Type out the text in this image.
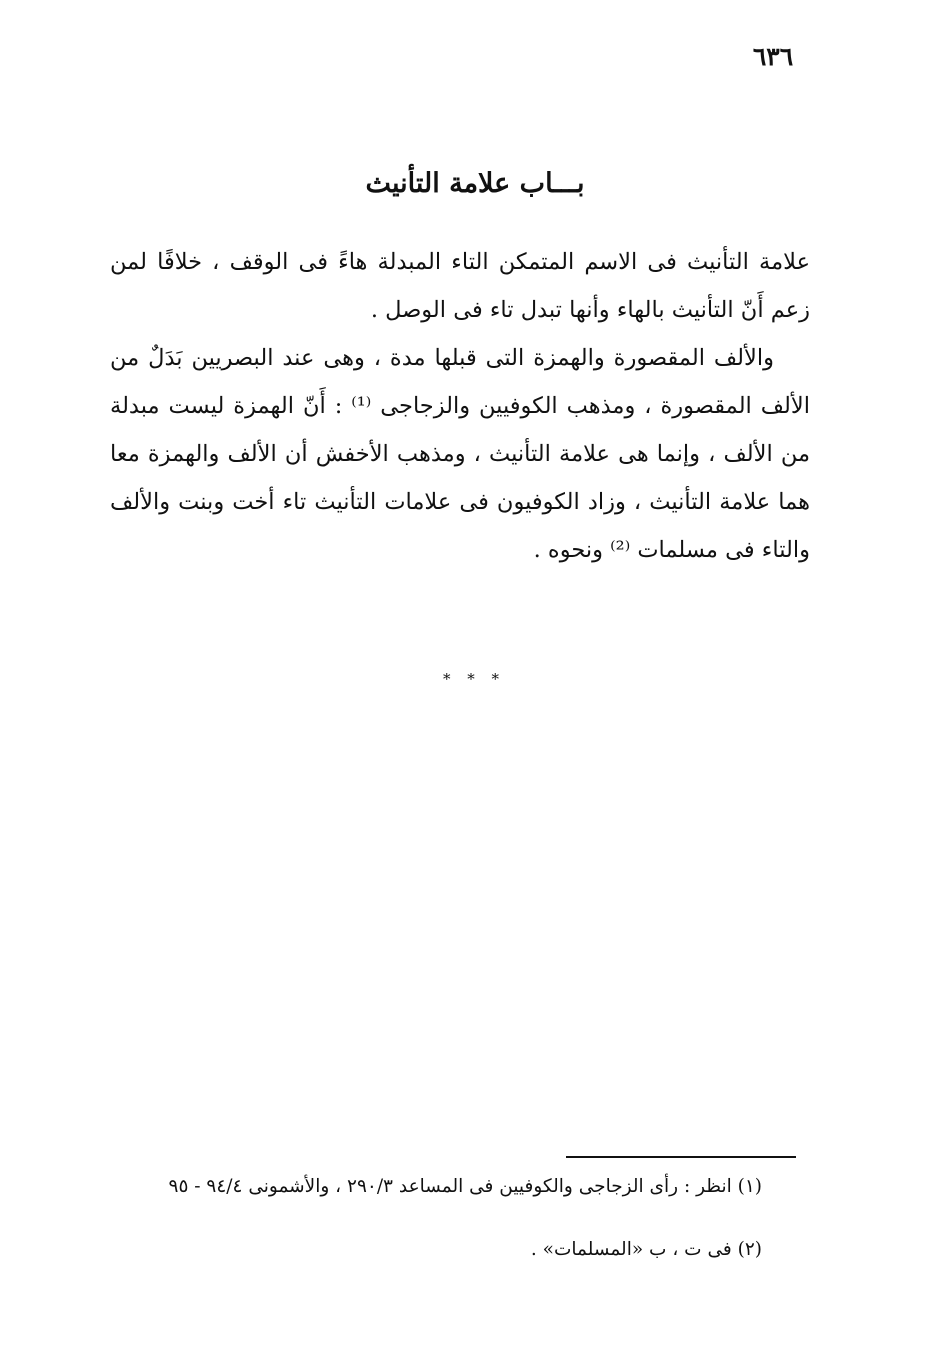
٦٣٦
بـــاب علامة التأنيث

علامة التأنيث فى الاسم المتمكن التاء المبدلة هاءً فى الوقف ، خلافًا لمن زعم أَنّ التأنيث بالهاء وأنها تبدل تاء فى الوصل .

والألف المقصورة والهمزة التى قبلها مدة ، وهى عند البصريين بَدَلٌ من الألف المقصورة ، ومذهب الكوفيين والزجاجى ⁽¹⁾ : أَنّ الهمزة ليست مبدلة من الألف ، وإنما هى علامة التأنيث ، ومذهب الأخفش أن الألف والهمزة معا هما علامة التأنيث ، وزاد الكوفيون فى علامات التأنيث تاء أخت وبنت والألف والتاء فى مسلمات ⁽²⁾ ونحوه .

* * *

(١) انظر : رأى الزجاجى والكوفيين فى المساعد ٢٩٠/٣ ، والأشمونى ٩٤/٤ - ٩٥

(٢) فى ت ، ب «المسلمات» .
